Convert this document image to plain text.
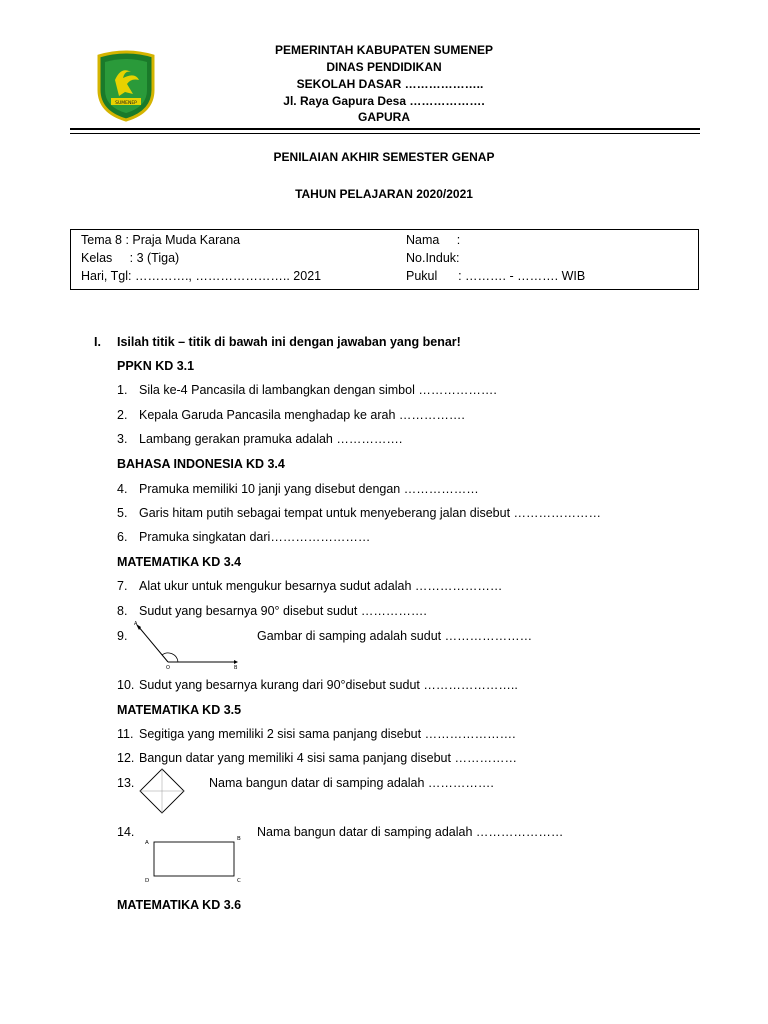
SUMENEP
PEMERINTAH KABUPATEN SUMENEP
DINAS PENDIDIKAN
SEKOLAH DASAR ………………..
Jl. Raya Gapura Desa ……………….
GAPURA
PENILAIAN AKHIR SEMESTER GENAP
TAHUN PELAJARAN 2020/2021
Tema 8 : Praja Muda Karana
Kelas     : 3 (Tiga)
Hari, Tgl: …………., ………………….. 2021
Nama     :
No.Induk:
Pukul      : ………. - ………. WIB
I. Isilah titik – titik di bawah ini dengan jawaban yang benar!
PPKN KD 3.1
1. Sila ke-4 Pancasila di lambangkan dengan simbol ……………….
2. Kepala Garuda Pancasila menghadap ke arah …………….
3. Lambang gerakan pramuka adalah …………….
BAHASA INDONESIA KD 3.4
4. Pramuka memiliki 10 janji yang disebut dengan ………………
5. Garis hitam putih sebagai tempat untuk menyeberang jalan disebut …………………
6. Pramuka singkatan dari……………………
MATEMATIKA KD 3.4
7. Alat ukur untuk mengukur besarnya sudut adalah …………………
8. Sudut yang besarnya 90° disebut sudut …………….
9.
A
O	B
Gambar di samping adalah sudut …………………
10. Sudut yang besarnya kurang dari 90°disebut sudut …………………..
MATEMATIKA KD 3.5
11. Segitiga yang memiliki 2 sisi sama panjang disebut ………………….
12. Bangun datar yang memiliki 4 sisi sama panjang disebut ……………
13.	Nama bangun datar di samping adalah …………….
14.
A
B
C
D
Nama bangun datar di samping adalah …………………
MATEMATIKA KD 3.6
